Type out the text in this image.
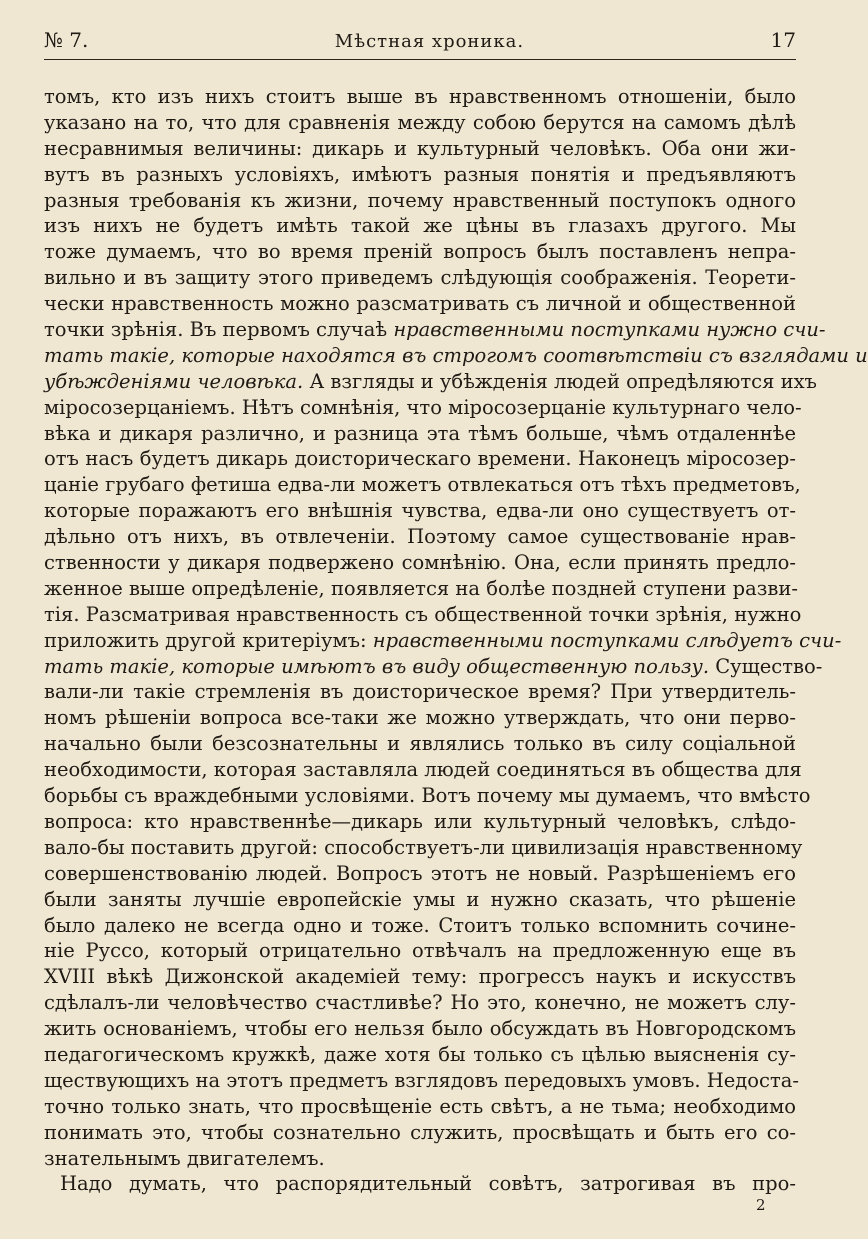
№ 7.	Мѣстная хроника.	17
томъ, кто изъ нихъ стоитъ выше въ нравственномъ отношеніи, было
указано на то, что для сравненія между собою берутся на самомъ дѣлѣ
несравнимыя величины: дикарь и культурный человѣкъ. Оба они жи-
вутъ въ разныхъ условіяхъ, имѣютъ разныя понятія и предъявляютъ
разныя требованія къ жизни, почему нравственный поступокъ одного
изъ нихъ не будетъ имѣть такой же цѣны въ глазахъ другого. Мы
тоже думаемъ, что во время преній вопросъ былъ поставленъ непра-
вильно и въ защиту этого приведемъ слѣдующія соображенія. Теорети-
чески нравственность можно разсматривать съ личной и общественной
точки зрѣнія. Въ первомъ случаѣ нравственными поступками нужно счи-
тать такіе, которые находятся въ строгомъ соотвѣтствіи съ взглядами и
убѣжденіями человѣка. А взгляды и убѣжденія людей опредѣляются ихъ
міросозерцаніемъ. Нѣтъ сомнѣнія, что міросозерцаніе культурнаго чело-
вѣка и дикаря различно, и разница эта тѣмъ больше, чѣмъ отдаленнѣе
отъ насъ будетъ дикарь доисторическаго времени. Наконецъ міросозер-
цаніе грубаго фетиша едва-ли можетъ отвлекаться отъ тѣхъ предметовъ,
которые поражаютъ его внѣшнія чувства, едва-ли оно существуетъ от-
дѣльно отъ нихъ, въ отвлеченіи. Поэтому самое существованіе нрав-
ственности у дикаря подвержено сомнѣнію. Она, если принять предло-
женное выше опредѣленіе, появляется на болѣе поздней ступени разви-
тія. Разсматривая нравственность съ общественной точки зрѣнія, нужно
приложить другой критеріумъ: нравственными поступками слѣдуетъ счи-
тать такіе, которые имѣютъ въ виду общественную пользу. Существо-
вали-ли такіе стремленія въ доисторическое время? При утвердитель-
номъ рѣшеніи вопроса все-таки же можно утверждать, что они перво-
начально были безсознательны и являлись только въ силу соціальной
необходимости, которая заставляла людей соединяться въ общества для
борьбы съ враждебными условіями. Вотъ почему мы думаемъ, что вмѣсто
вопроса: кто нравственнѣе—дикарь или культурный человѣкъ, слѣдо-
вало-бы поставить другой: способствуетъ-ли цивилизація нравственному
совершенствованію людей. Вопросъ этотъ не новый. Разрѣшеніемъ его
были заняты лучшіе европейскіе умы и нужно сказать, что рѣшеніе
было далеко не всегда одно и тоже. Стоитъ только вспомнить сочине-
ніе Руссо, который отрицательно отвѣчалъ на предложенную еще въ
XVIII вѣкѣ Дижонской академіей тему: прогрессъ наукъ и искусствъ
сдѣлалъ-ли человѣчество счастливѣе? Но это, конечно, не можетъ слу-
жить основаніемъ, чтобы его нельзя было обсуждать въ Новгородскомъ
педагогическомъ кружкѣ, даже хотя бы только съ цѣлью выясненія су-
ществующихъ на этотъ предметъ взглядовъ передовыхъ умовъ. Недоста-
точно только знать, что просвѣщеніе есть свѣтъ, а не тьма; необходимо
понимать это, чтобы сознательно служить, просвѣщать и быть его со-
знательнымъ двигателемъ.
Надо думать, что распорядительный совѣтъ, затрогивая въ про-
2
